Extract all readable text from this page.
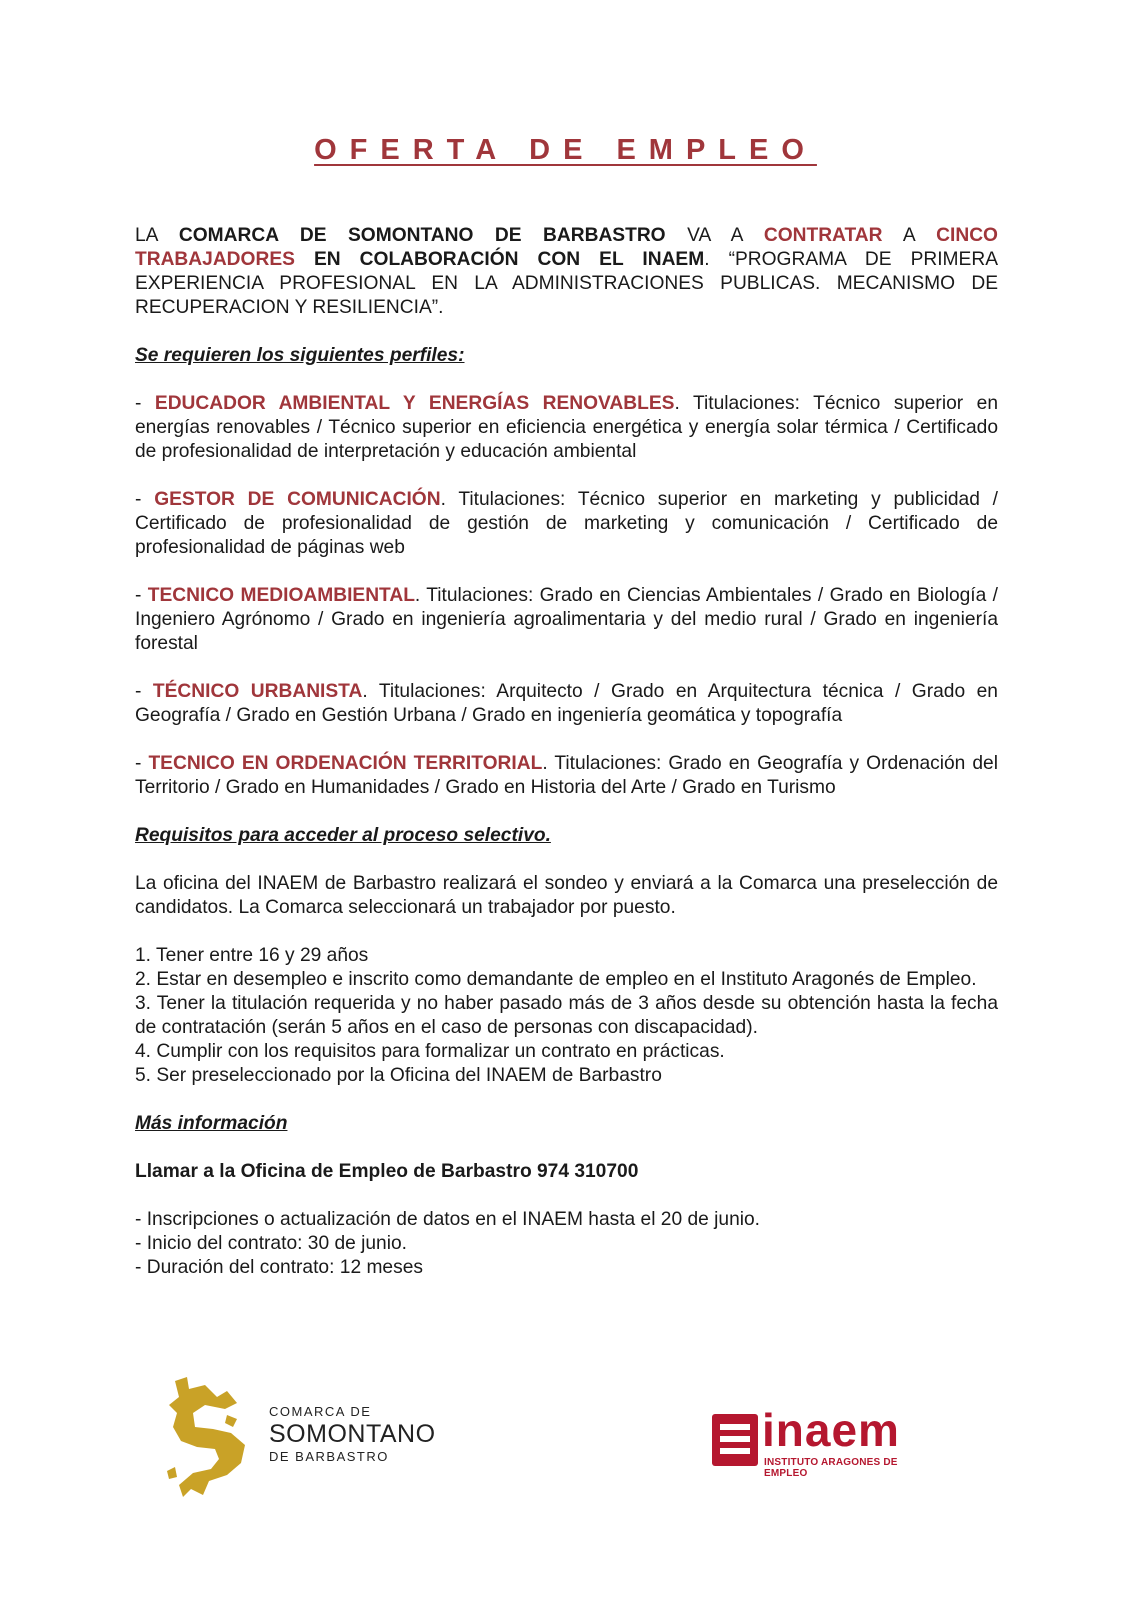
OFERTA DE EMPLEO
LA COMARCA DE SOMONTANO DE BARBASTRO VA A CONTRATAR A CINCO TRABAJADORES EN COLABORACIÓN CON EL INAEM. “PROGRAMA DE PRIMERA EXPERIENCIA PROFESIONAL EN LA ADMINISTRACIONES PUBLICAS. MECANISMO DE RECUPERACION Y RESILIENCIA”.
Se requieren los siguientes perfiles:
- EDUCADOR AMBIENTAL Y ENERGÍAS RENOVABLES. Titulaciones: Técnico superior en energías renovables / Técnico superior en eficiencia energética y energía solar térmica / Certificado de profesionalidad de interpretación y educación ambiental
- GESTOR DE COMUNICACIÓN. Titulaciones: Técnico superior en marketing y publicidad / Certificado de profesionalidad de gestión de marketing y comunicación / Certificado de profesionalidad de páginas web
- TECNICO MEDIOAMBIENTAL. Titulaciones: Grado en Ciencias Ambientales / Grado en Biología / Ingeniero Agrónomo / Grado en ingeniería agroalimentaria y del medio rural / Grado en ingeniería forestal
- TÉCNICO URBANISTA. Titulaciones: Arquitecto / Grado en Arquitectura técnica / Grado en Geografía / Grado en Gestión Urbana / Grado en ingeniería geomática y topografía
- TECNICO EN ORDENACIÓN TERRITORIAL. Titulaciones: Grado en Geografía y Ordenación del Territorio / Grado en Humanidades / Grado en Historia del Arte / Grado en Turismo
Requisitos para acceder al proceso selectivo.
La oficina del INAEM de Barbastro realizará el sondeo y enviará a la Comarca una preselección de candidatos. La Comarca seleccionará un trabajador por puesto.
1. Tener entre 16 y 29 años
2. Estar en desempleo e inscrito como demandante de empleo en el Instituto Aragonés de Empleo.
3. Tener la titulación requerida y no haber pasado más de 3 años desde su obtención hasta la fecha de contratación (serán 5 años en el caso de personas con discapacidad).
4. Cumplir con los requisitos para formalizar un contrato en prácticas.
5. Ser preseleccionado por la Oficina del INAEM de Barbastro
Más información
Llamar a la Oficina de Empleo de Barbastro 974 310700
- Inscripciones o actualización de datos en el INAEM hasta el 20 de junio.
- Inicio del contrato: 30 de junio.
- Duración del contrato: 12 meses
COMARCA DE
SOMONTANO
DE BARBASTRO
inaem
INSTITUTO ARAGONES DE EMPLEO
